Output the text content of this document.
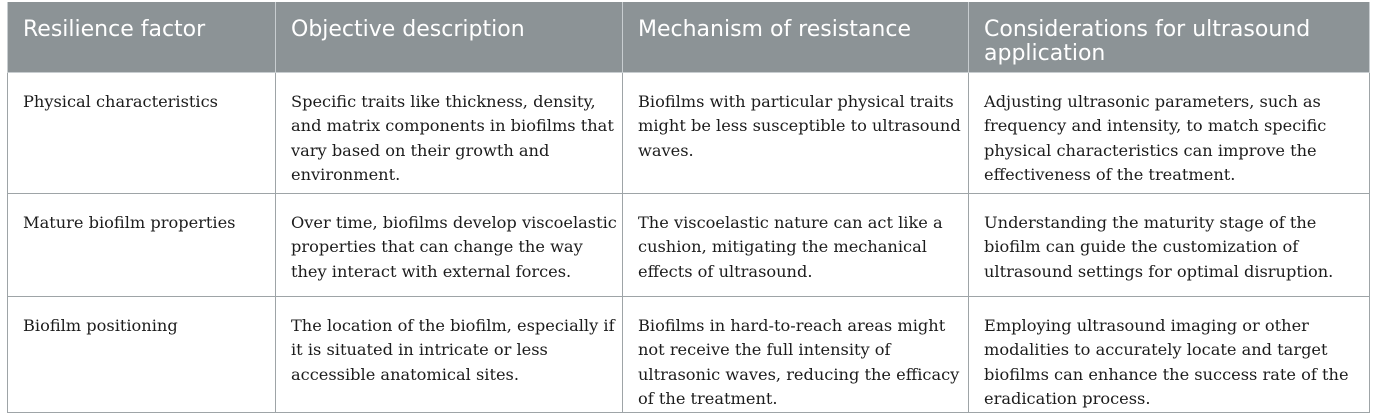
Resilience factor	Objective description	Mechanism of resistance	Considerations for ultrasound application
Physical characteristics	Specific traits like thickness, density, and matrix components in biofilms that vary based on their growth and environment.	Biofilms with particular physical traits might be less susceptible to ultrasound waves.	Adjusting ultrasonic parameters, such as frequency and intensity, to match specific physical characteristics can improve the effectiveness of the treatment.
Mature biofilm properties	Over time, biofilms develop viscoelastic properties that can change the way they interact with external forces.	The viscoelastic nature can act like a cushion, mitigating the mechanical effects of ultrasound.	Understanding the maturity stage of the biofilm can guide the customization of ultrasound settings for optimal disruption.
Biofilm positioning	The location of the biofilm, especially if it is situated in intricate or less accessible anatomical sites.	Biofilms in hard-to-reach areas might not receive the full intensity of ultrasonic waves, reducing the efficacy of the treatment.	Employing ultrasound imaging or other modalities to accurately locate and target biofilms can enhance the success rate of the eradication process.
